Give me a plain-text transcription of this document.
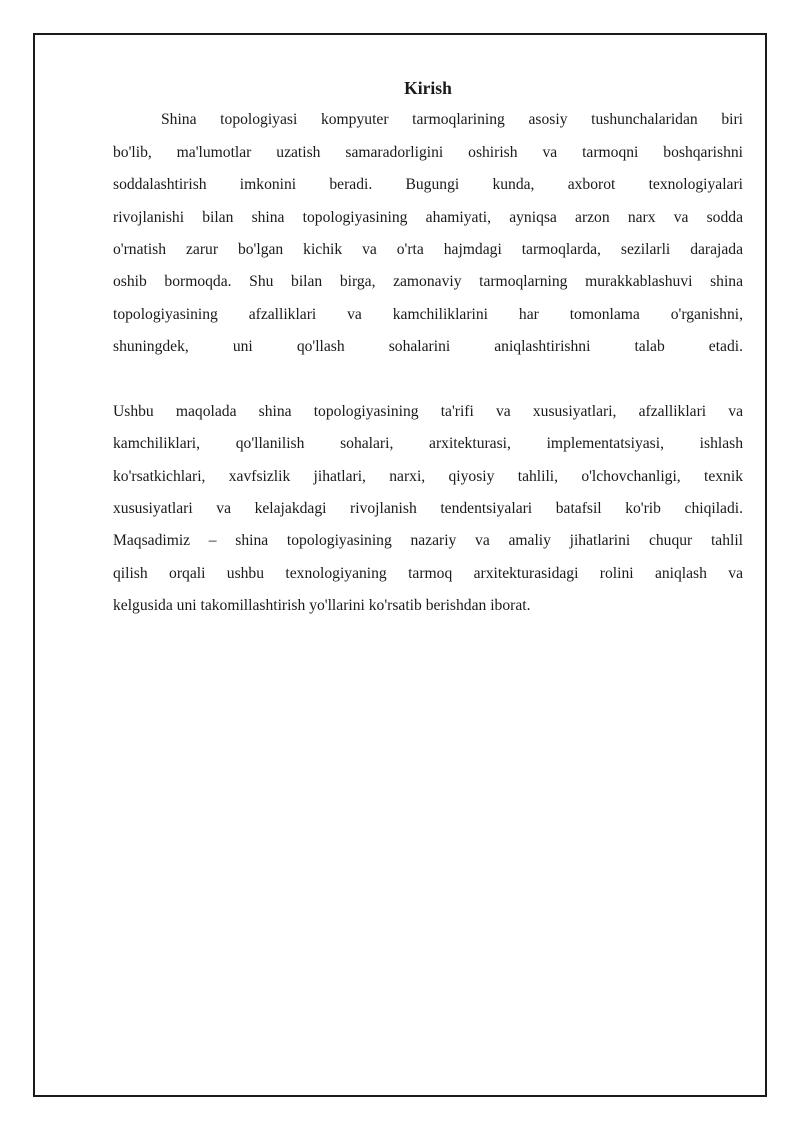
Kirish
Shina topologiyasi kompyuter tarmoqlarining asosiy tushunchalaridan biri
bo'lib, ma'lumotlar uzatish samaradorligini oshirish va tarmoqni boshqarishni
soddalashtirish imkonini beradi. Bugungi kunda, axborot texnologiyalari
rivojlanishi bilan shina topologiyasining ahamiyati, ayniqsa arzon narx va sodda
o'rnatish zarur bo'lgan kichik va o'rta hajmdagi tarmoqlarda, sezilarli darajada
oshib bormoqda. Shu bilan birga, zamonaviy tarmoqlarning murakkablashuvi shina
topologiyasining afzalliklari va kamchiliklarini har tomonlama o'rganishni,
shuningdek, uni qo'llash sohalarini aniqlashtirishni talab etadi.
Ushbu maqolada shina topologiyasining ta'rifi va xususiyatlari, afzalliklari va
kamchiliklari, qo'llanilish sohalari, arxitekturasi, implementatsiyasi, ishlash
ko'rsatkichlari, xavfsizlik jihatlari, narxi, qiyosiy tahlili, o'lchovchanligi, texnik
xususiyatlari va kelajakdagi rivojlanish tendentsiyalari batafsil ko'rib chiqiladi.
Maqsadimiz – shina topologiyasining nazariy va amaliy jihatlarini chuqur tahlil
qilish orqali ushbu texnologiyaning tarmoq arxitekturasidagi rolini aniqlash va
kelgusida uni takomillashtirish yo'llarini ko'rsatib berishdan iborat.
